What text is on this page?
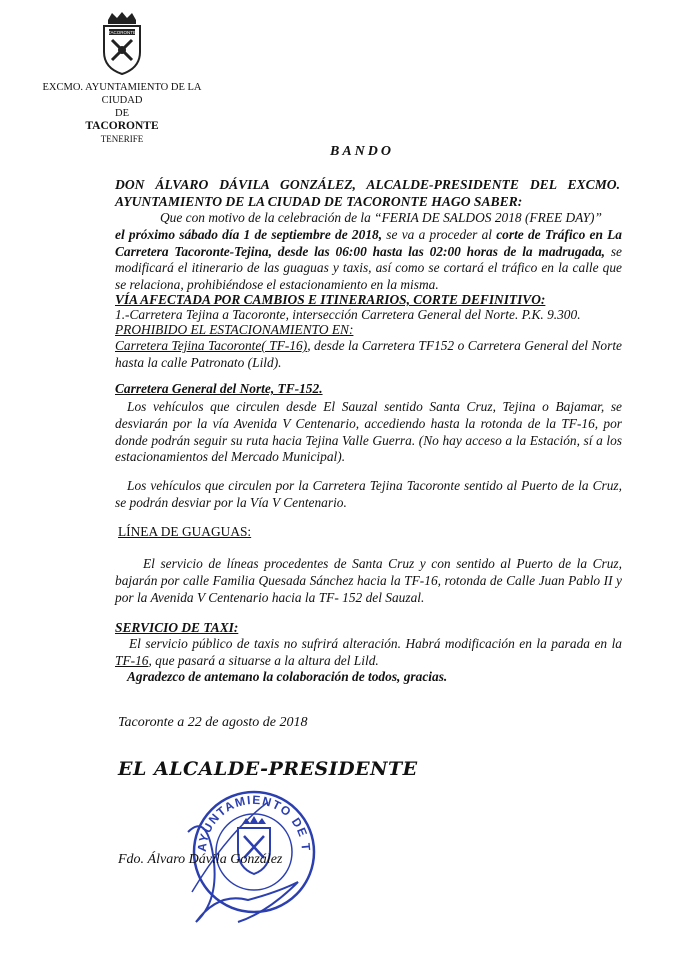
TACORONTE
EXCMO. AYUNTAMIENTO DE LA CIUDAD
DE
TACORONTE
TENERIFE
BANDO
DON ÁLVARO DÁVILA GONZÁLEZ, ALCALDE-PRESIDENTE DEL EXCMO. AYUNTAMIENTO DE LA CIUDAD DE TACORONTE HAGO SABER:
Que con motivo de la celebración de la “FERIA DE SALDOS 2018 (FREE DAY)”
el próximo sábado día 1 de septiembre de 2018, se va a proceder al corte de Tráfico en La Carretera Tacoronte-Tejina, desde las 06:00 hasta las 02:00 horas de la madrugada, se modificará el itinerario de las guaguas y taxis, así como se cortará el tráfico en la calle que se relaciona, prohibiéndose el estacionamiento en la misma.
VÍA AFECTADA POR CAMBIOS E ITINERARIOS, CORTE DEFINITIVO:
1.-Carretera Tejina a Tacoronte, intersección Carretera General del Norte. P.K. 9.300.
PROHIBIDO EL ESTACIONAMIENTO EN:
Carretera Tejina Tacoronte( TF-16), desde la Carretera TF152 o Carretera General del Norte hasta la calle Patronato (Lild).
Carretera General del Norte, TF-152.
Los vehículos que circulen desde El Sauzal sentido Santa Cruz, Tejina o Bajamar, se desviarán por la vía Avenida V Centenario, accediendo hasta la rotonda de la TF-16, por donde podrán seguir su ruta hacia Tejina Valle Guerra. (No hay acceso a la Estación, sí a los estacionamientos del Mercado Municipal).
Los vehículos que circulen por la Carretera Tejina Tacoronte sentido al Puerto de la Cruz, se podrán desviar por la Vía V Centenario.
LÍNEA DE GUAGUAS:
El servicio de líneas procedentes de Santa Cruz y con sentido al Puerto de la Cruz, bajarán por calle Familia Quesada Sánchez hacia la TF-16, rotonda de Calle Juan Pablo II y por la Avenida V Centenario hacia la TF- 152 del Sauzal.
SERVICIO DE TAXI:
El servicio público de taxis no sufrirá alteración. Habrá modificación en la parada en la TF-16, que pasará a situarse a la altura del Lild.
Agradezco de antemano la colaboración de todos, gracias.
Tacoronte a 22 de agosto de 2018
EL ALCALDE-PRESIDENTE
AYUNTAMIENTO DE T
Fdo. Álvaro Dávila González
